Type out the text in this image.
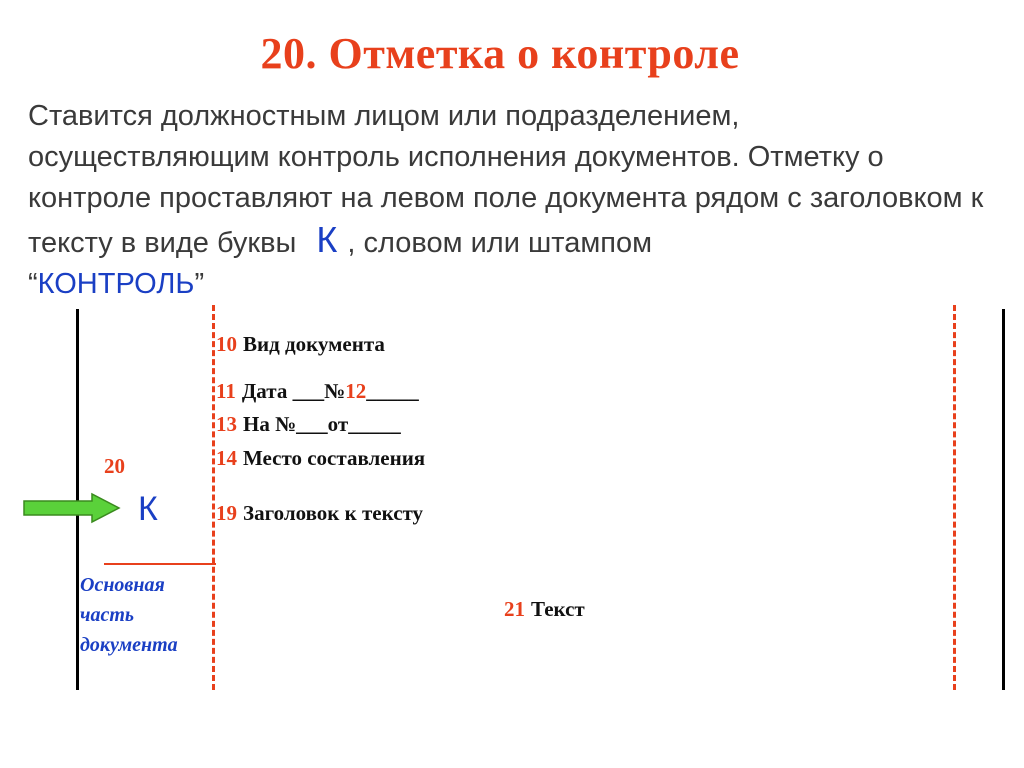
20. Отметка о контроле
Ставится должностным лицом или подразделением, осуществляющим контроль исполнения документов. Отметку о контроле проставляют на левом поле документа рядом с заголовком к тексту в виде буквы К , словом или штампом
“КОНТРОЛЬ”
10 Вид документа
11 Дата ___№12_____
13 На №___от_____
14 Место составления
19 Заголовок к тексту
21 Текст
20
К
Основная
часть
документа
